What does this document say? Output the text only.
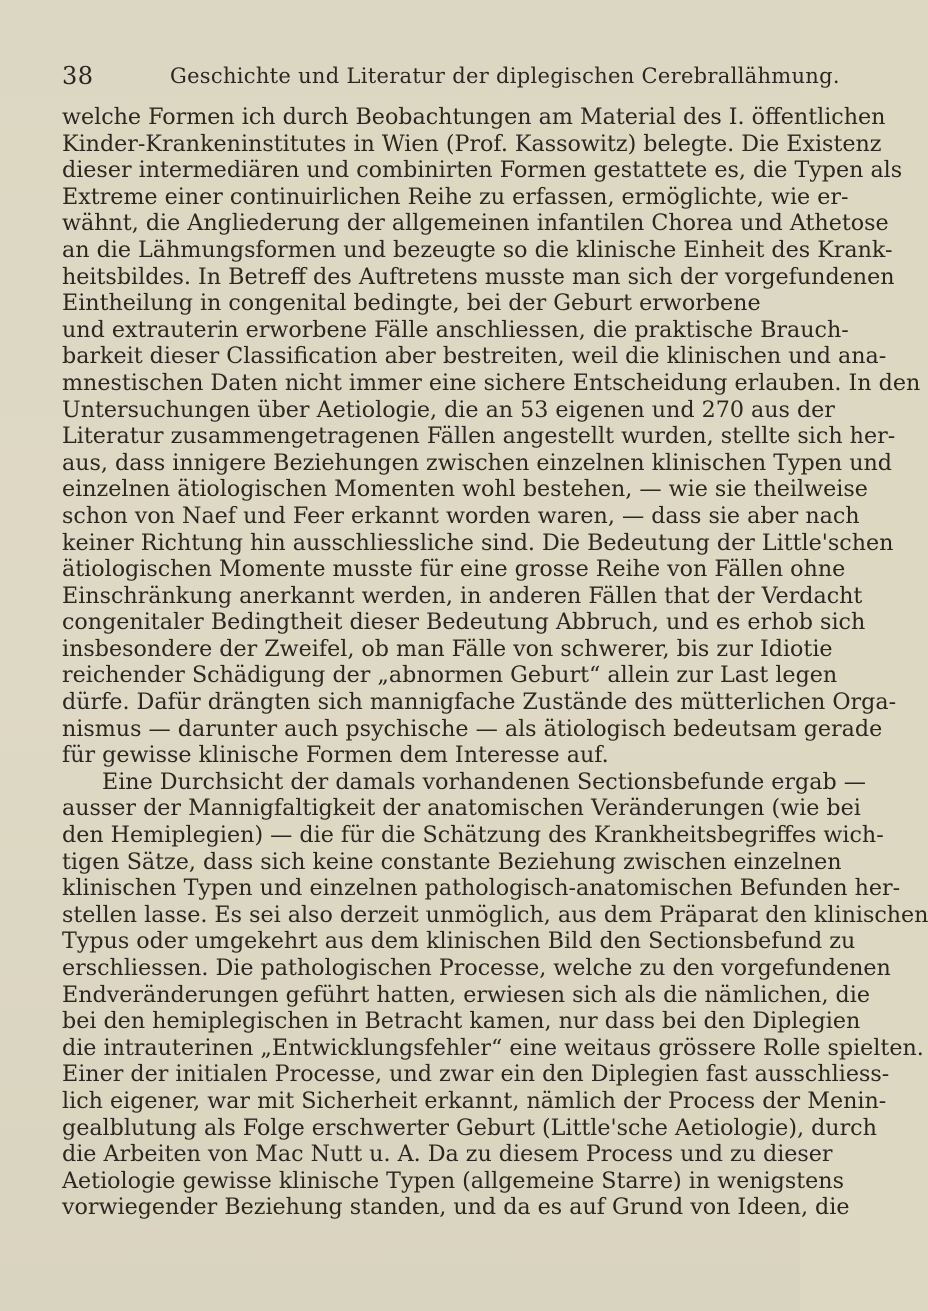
38	Geschichte und Literatur der diplegischen Cerebrallähmung.
welche Formen ich durch Beobachtungen am Material des I. öffentlichen
Kinder-Krankeninstitutes in Wien (Prof. Kassowitz) belegte. Die Existenz
dieser intermediären und combinirten Formen gestattete es, die Typen als
Extreme einer continuirlichen Reihe zu erfassen, ermöglichte, wie er-
wähnt, die Angliederung der allgemeinen infantilen Chorea und Athetose
an die Lähmungsformen und bezeugte so die klinische Einheit des Krank-
heitsbildes. In Betreff des Auftretens musste man sich der vorgefundenen
Eintheilung in congenital bedingte, bei der Geburt erworbene
und extrauterin erworbene Fälle anschliessen, die praktische Brauch-
barkeit dieser Classification aber bestreiten, weil die klinischen und ana-
mnestischen Daten nicht immer eine sichere Entscheidung erlauben. In den
Untersuchungen über Aetiologie, die an 53 eigenen und 270 aus der
Literatur zusammengetragenen Fällen angestellt wurden, stellte sich her-
aus, dass innigere Beziehungen zwischen einzelnen klinischen Typen und
einzelnen ätiologischen Momenten wohl bestehen, — wie sie theilweise
schon von Naef und Feer erkannt worden waren, — dass sie aber nach
keiner Richtung hin ausschliessliche sind. Die Bedeutung der Little'schen
ätiologischen Momente musste für eine grosse Reihe von Fällen ohne
Einschränkung anerkannt werden, in anderen Fällen that der Verdacht
congenitaler Bedingtheit dieser Bedeutung Abbruch, und es erhob sich
insbesondere der Zweifel, ob man Fälle von schwerer, bis zur Idiotie
reichender Schädigung der „abnormen Geburt“ allein zur Last legen
dürfe. Dafür drängten sich mannigfache Zustände des mütterlichen Orga-
nismus — darunter auch psychische — als ätiologisch bedeutsam gerade
für gewisse klinische Formen dem Interesse auf.
Eine Durchsicht der damals vorhandenen Sectionsbefunde ergab —
ausser der Mannigfaltigkeit der anatomischen Veränderungen (wie bei
den Hemiplegien) — die für die Schätzung des Krankheitsbegriffes wich-
tigen Sätze, dass sich keine constante Beziehung zwischen einzelnen
klinischen Typen und einzelnen pathologisch-anatomischen Befunden her-
stellen lasse. Es sei also derzeit unmöglich, aus dem Präparat den klinischen
Typus oder umgekehrt aus dem klinischen Bild den Sectionsbefund zu
erschliessen. Die pathologischen Processe, welche zu den vorgefundenen
Endveränderungen geführt hatten, erwiesen sich als die nämlichen, die
bei den hemiplegischen in Betracht kamen, nur dass bei den Diplegien
die intrauterinen „Entwicklungsfehler“ eine weitaus grössere Rolle spielten.
Einer der initialen Processe, und zwar ein den Diplegien fast ausschliess-
lich eigener, war mit Sicherheit erkannt, nämlich der Process der Menin-
gealblutung als Folge erschwerter Geburt (Little'sche Aetiologie), durch
die Arbeiten von Mac Nutt u. A. Da zu diesem Process und zu dieser
Aetiologie gewisse klinische Typen (allgemeine Starre) in wenigstens
vorwiegender Beziehung standen, und da es auf Grund von Ideen, die
